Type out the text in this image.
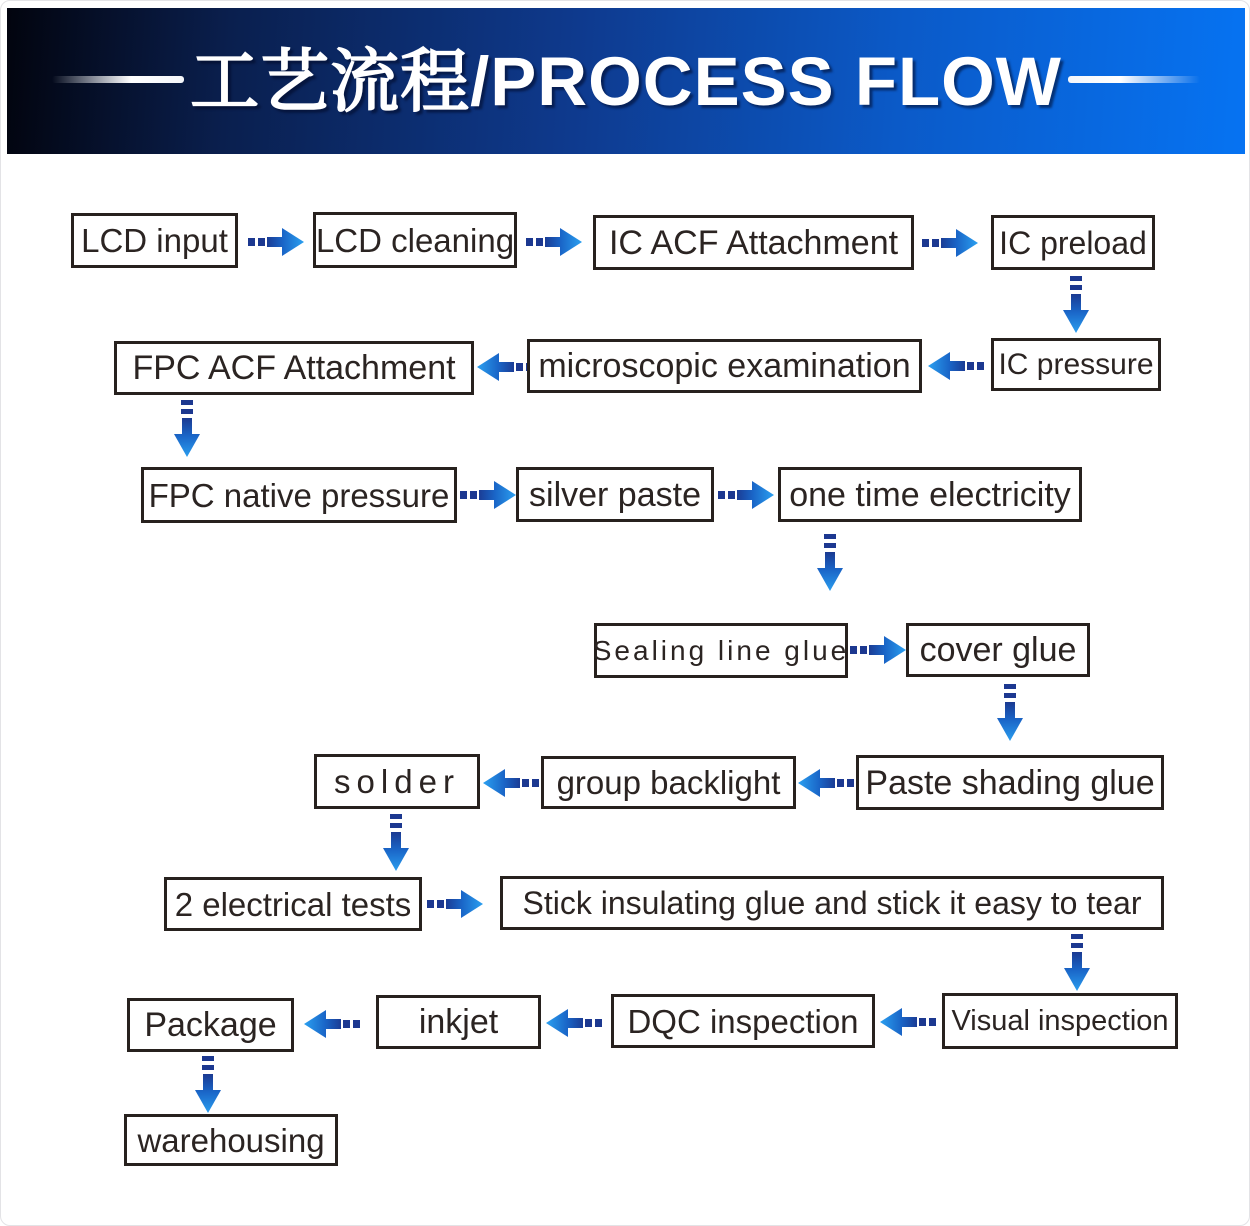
工艺流程/PROCESS FLOW
LCD input	LCD cleaning	IC ACF Attachment	IC preload
FPC ACF Attachment	microscopic examination	IC pressure
FPC native pressure	silver paste	one time electricity
Sealing line glue	cover glue
solder	group backlight	Paste shading glue
2 electrical tests	Stick insulating glue and stick it easy to tear
Package	inkjet	DQC inspection	Visual inspection
warehousing
